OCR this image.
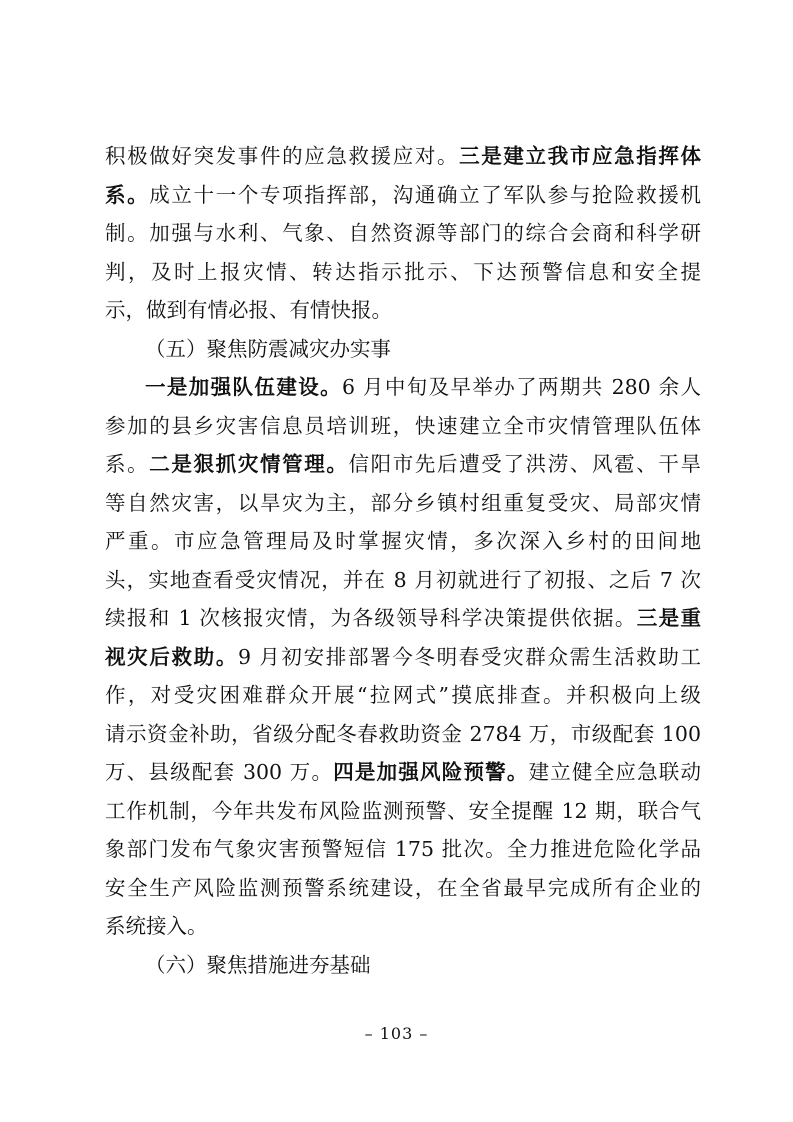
积极做好突发事件的应急救援应对。三是建立我市应急指挥体
系。成立十一个专项指挥部，沟通确立了军队参与抢险救援机
制。加强与水利、气象、自然资源等部门的综合会商和科学研
判，及时上报灾情、转达指示批示、下达预警信息和安全提
示，做到有情必报、有情快报。
（五）聚焦防震减灾办实事
一是加强队伍建设。6 月中旬及早举办了两期共 280 余人
参加的县乡灾害信息员培训班，快速建立全市灾情管理队伍体
系。二是狠抓灾情管理。信阳市先后遭受了洪涝、风雹、干旱
等自然灾害，以旱灾为主，部分乡镇村组重复受灾、局部灾情
严重。市应急管理局及时掌握灾情，多次深入乡村的田间地
头，实地查看受灾情况，并在 8 月初就进行了初报、之后 7 次
续报和 1 次核报灾情，为各级领导科学决策提供依据。三是重
视灾后救助。9 月初安排部署今冬明春受灾群众需生活救助工
作，对受灾困难群众开展“拉网式”摸底排查。并积极向上级
请示资金补助，省级分配冬春救助资金 2784 万，市级配套 100
万、县级配套 300 万。四是加强风险预警。建立健全应急联动
工作机制，今年共发布风险监测预警、安全提醒 12 期，联合气
象部门发布气象灾害预警短信 175 批次。全力推进危险化学品
安全生产风险监测预警系统建设，在全省最早完成所有企业的
系统接入。
（六）聚焦措施进夯基础
– 103 –
